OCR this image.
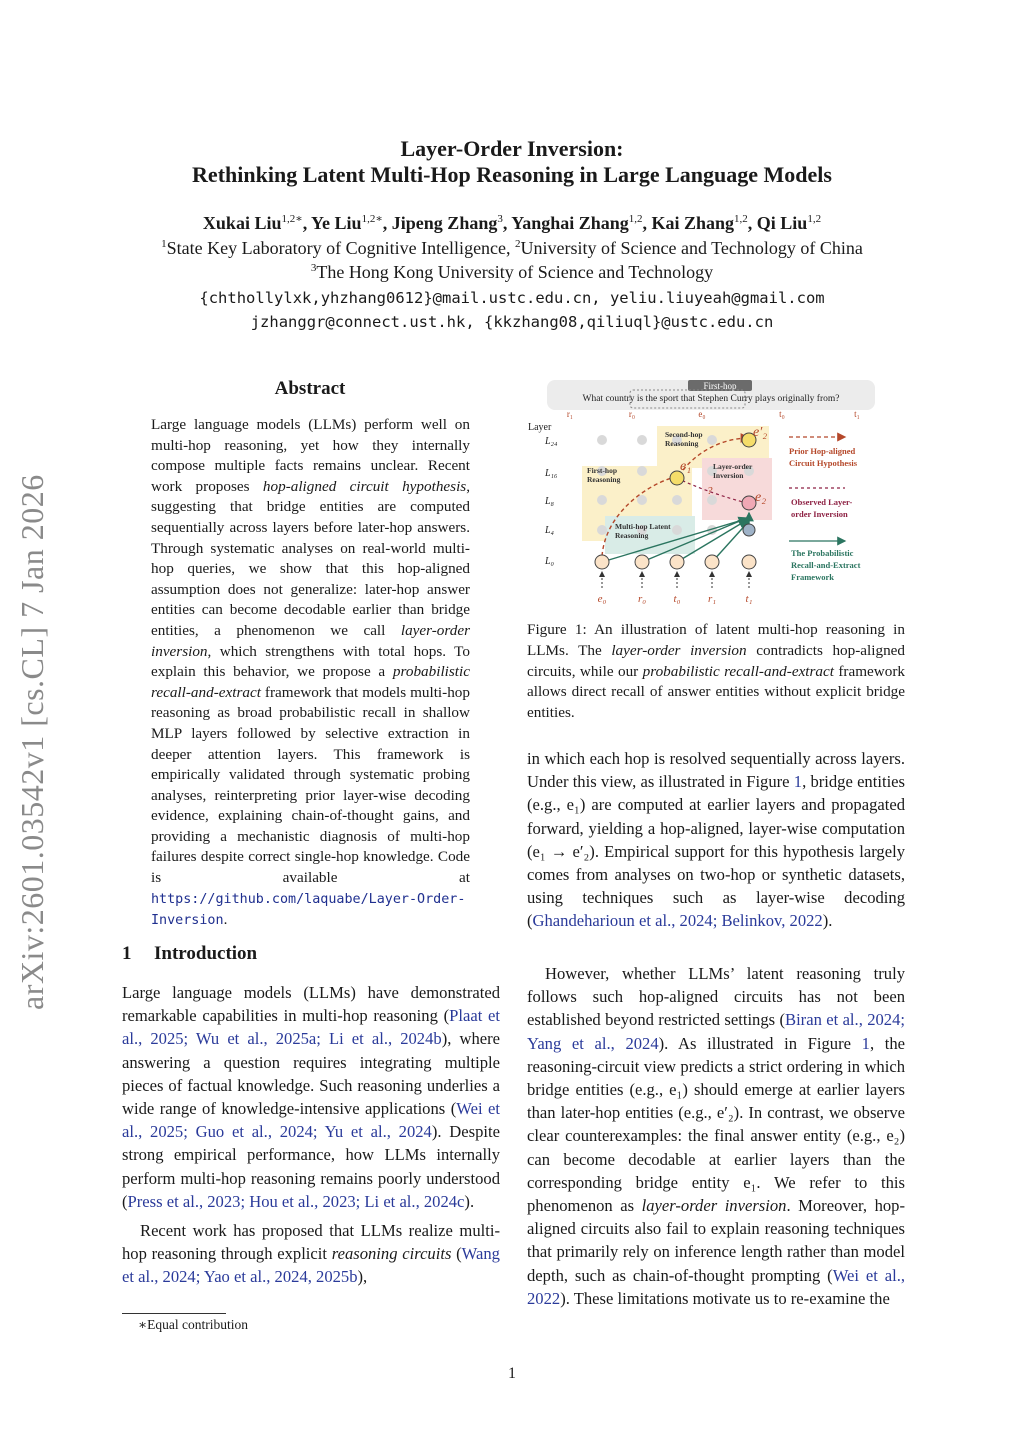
Layer-Order Inversion:
Rethinking Latent Multi-Hop Reasoning in Large Language Models
Xukai Liu$^{1,2∗}$, Ye Liu$^{1,2∗}$, Jipeng Zhang$^3$, Yanghai Zhang$^{1,2}$, Kai Zhang$^{1,2}$, Qi Liu$^{1,2}$
$^1$State Key Laboratory of Cognitive Intelligence, $^2$University of Science and Technology of China
$^3$The Hong Kong University of Science and Technology
{chthollylxk,yhzhang0612}@mail.ustc.edu.cn, yeliu.liuyeah@gmail.com
jzhanggr@connect.ust.hk, {kkzhang08,qiliuql}@ustc.edu.cn
arXiv:2601.03542v1 [cs.CL] 7 Jan 2026
Abstract
Large language models (LLMs) perform well on multi-hop reasoning, yet how they internally compose multiple facts remains unclear. Recent work proposes hop-aligned circuit hypothesis, suggesting that bridge entities are computed sequentially across layers before later-hop answers. Through systematic analyses on real-world multi-hop queries, we show that this hop-aligned assumption does not generalize: later-hop answer entities can become decodable earlier than bridge entities, a phenomenon we call layer-order inversion, which strengthens with total hops. To explain this behavior, we propose a probabilistic recall-and-extract framework that models multi-hop reasoning as broad probabilistic recall in shallow MLP layers followed by selective extraction in deeper attention layers. This framework is empirically validated through systematic probing analyses, reinterpreting prior layer-wise decoding evidence, explaining chain-of-thought gains, and providing a mechanistic diagnosis of multi-hop failures despite correct single-hop knowledge. Code is available at https://github.com/laquabe/Layer-Order-Inversion.
1 Introduction

Large language models (LLMs) have demonstrated remarkable capabilities in multi-hop reasoning (Plaat et al., 2025; Wu et al., 2025a; Li et al., 2024b), where answering a question requires integrating multiple pieces of factual knowledge. Such reasoning underlies a wide range of knowledge-intensive applications (Wei et al., 2025; Guo et al., 2024; Yu et al., 2024). Despite strong empirical performance, how LLMs internally perform multi-hop reasoning remains poorly understood (Press et al., 2023; Hou et al., 2023; Li et al., 2024c).

Recent work has proposed that LLMs realize multi-hop reasoning through explicit reasoning circuits (Wang et al., 2024; Yao et al., 2024, 2025b),

First-hop
What country is the sport that Stephen Curry plays originally from?
r₁	r₀	e₀	t₀	t₁
Layer
L₂₄
L₁₆
L₈
L₄
L₀
e₀	r₀	t₀	r₁	t₁
Second-hop
Reasoning
First-hop
Reasoning
Layer-order
Inversion
Multi-hop Latent
Reasoning
e′₂
e₁
e₂
?
Prior Hop-aligned
Circuit Hypothesis
Observed Layer-
order Inversion
The Probabilistic
Recall-and-Extract
Framework
Figure 1: An illustration of latent multi-hop reasoning in LLMs. The layer-order inversion contradicts hop-aligned circuits, while our probabilistic recall-and-extract framework allows direct recall of answer entities without explicit bridge entities.

in which each hop is resolved sequentially across layers. Under this view, as illustrated in Figure 1, bridge entities (e.g., e₁) are computed at earlier layers and propagated forward, yielding a hop-aligned, layer-wise computation (e₁ → e′₂). Empirical support for this hypothesis largely comes from analyses on two-hop or synthetic datasets, using techniques such as layer-wise decoding (Ghandeharioun et al., 2024; Belinkov, 2022).

However, whether LLMs’ latent reasoning truly follows such hop-aligned circuits has not been established beyond restricted settings (Biran et al., 2024; Yang et al., 2024). As illustrated in Figure 1, the reasoning-circuit view predicts a strict ordering in which bridge entities (e.g., e₁) should emerge at earlier layers than later-hop entities (e.g., e′₂). In contrast, we observe clear counterexamples: the final answer entity (e.g., e₂) can become decodable at earlier layers than the corresponding bridge entity e₁. We refer to this phenomenon as layer-order inversion. Moreover, hop-aligned circuits also fail to explain reasoning techniques that primarily rely on inference length rather than model depth, such as chain-of-thought prompting (Wei et al., 2022). These limitations motivate us to re-examine the

∗Equal contribution
1
